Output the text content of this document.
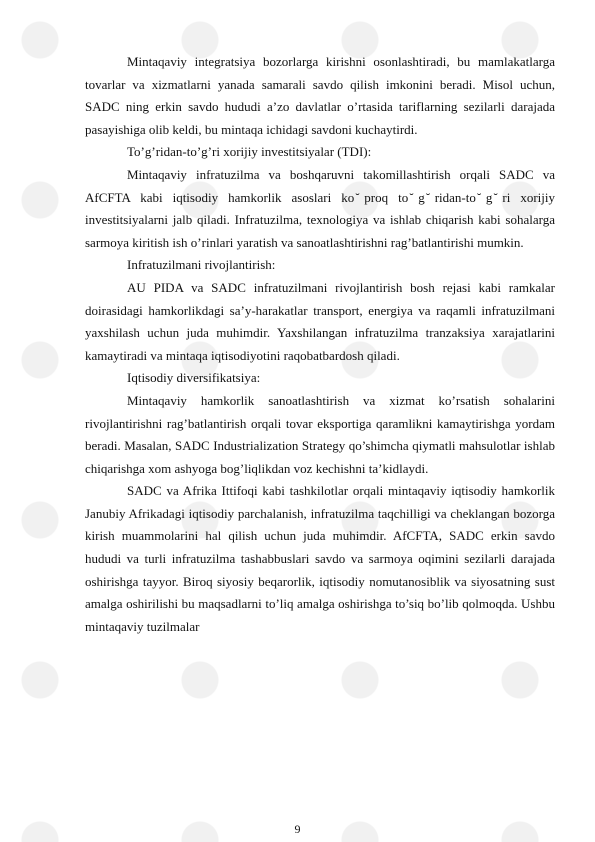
Mintaqaviy integratsiya bozorlarga kirishni osonlashtiradi, bu mamlakatlarga tovarlar va xizmatlarni yanada samarali savdo qilish imkonini beradi. Misol uchun, SADC ning erkin savdo hududi a’zo davlatlar o’rtasida tariflarning sezilarli darajada pasayishiga olib keldi, bu mintaqa ichidagi savdoni kuchaytirdi.

To’g’ridan-to’g’ri xorijiy investitsiyalar (TDI):

Mintaqaviy infratuzilma va boshqaruvni takomillashtirish orqali SADC va AfCFTA kabi iqtisodiy hamkorlik asoslari ko ̆proq to ̆g ̆ridan-to ̆g ̆ri xorijiy investitsiyalarni jalb qiladi. Infratuzilma, texnologiya va ishlab chiqarish kabi sohalarga sarmoya kiritish ish o’rinlari yaratish va sanoatlashtirishni rag’batlantirishi mumkin.

Infratuzilmani rivojlantirish:

AU PIDA va SADC infratuzilmani rivojlantirish bosh rejasi kabi ramkalar doirasidagi hamkorlikdagi sa’y-harakatlar transport, energiya va raqamli infratuzilmani yaxshilash uchun juda muhimdir. Yaxshilangan infratuzilma tranzaksiya xarajatlarini kamaytiradi va mintaqa iqtisodiyotini raqobatbardosh qiladi.

Iqtisodiy diversifikatsiya:

Mintaqaviy hamkorlik sanoatlashtirish va xizmat ko’rsatish sohalarini rivojlantirishni rag’batlantirish orqali tovar eksportiga qaramlikni kamaytirishga yordam beradi. Masalan, SADC Industrialization Strategy qo’shimcha qiymatli mahsulotlar ishlab chiqarishga xom ashyoga bog’liqlikdan voz kechishni ta’kidlaydi.

SADC va Afrika Ittifoqi kabi tashkilotlar orqali mintaqaviy iqtisodiy hamkorlik Janubiy Afrikadagi iqtisodiy parchalanish, infratuzilma taqchilligi va cheklangan bozorga kirish muammolarini hal qilish uchun juda muhimdir. AfCFTA, SADC erkin savdo hududi va turli infratuzilma tashabbuslari savdo va sarmoya oqimini sezilarli darajada oshirishga tayyor. Biroq siyosiy beqarorlik, iqtisodiy nomutanosiblik va siyosatning sust amalga oshirilishi bu maqsadlarni to’liq amalga oshirishga to’siq bo’lib qolmoqda. Ushbu mintaqaviy tuzilmalar

9
